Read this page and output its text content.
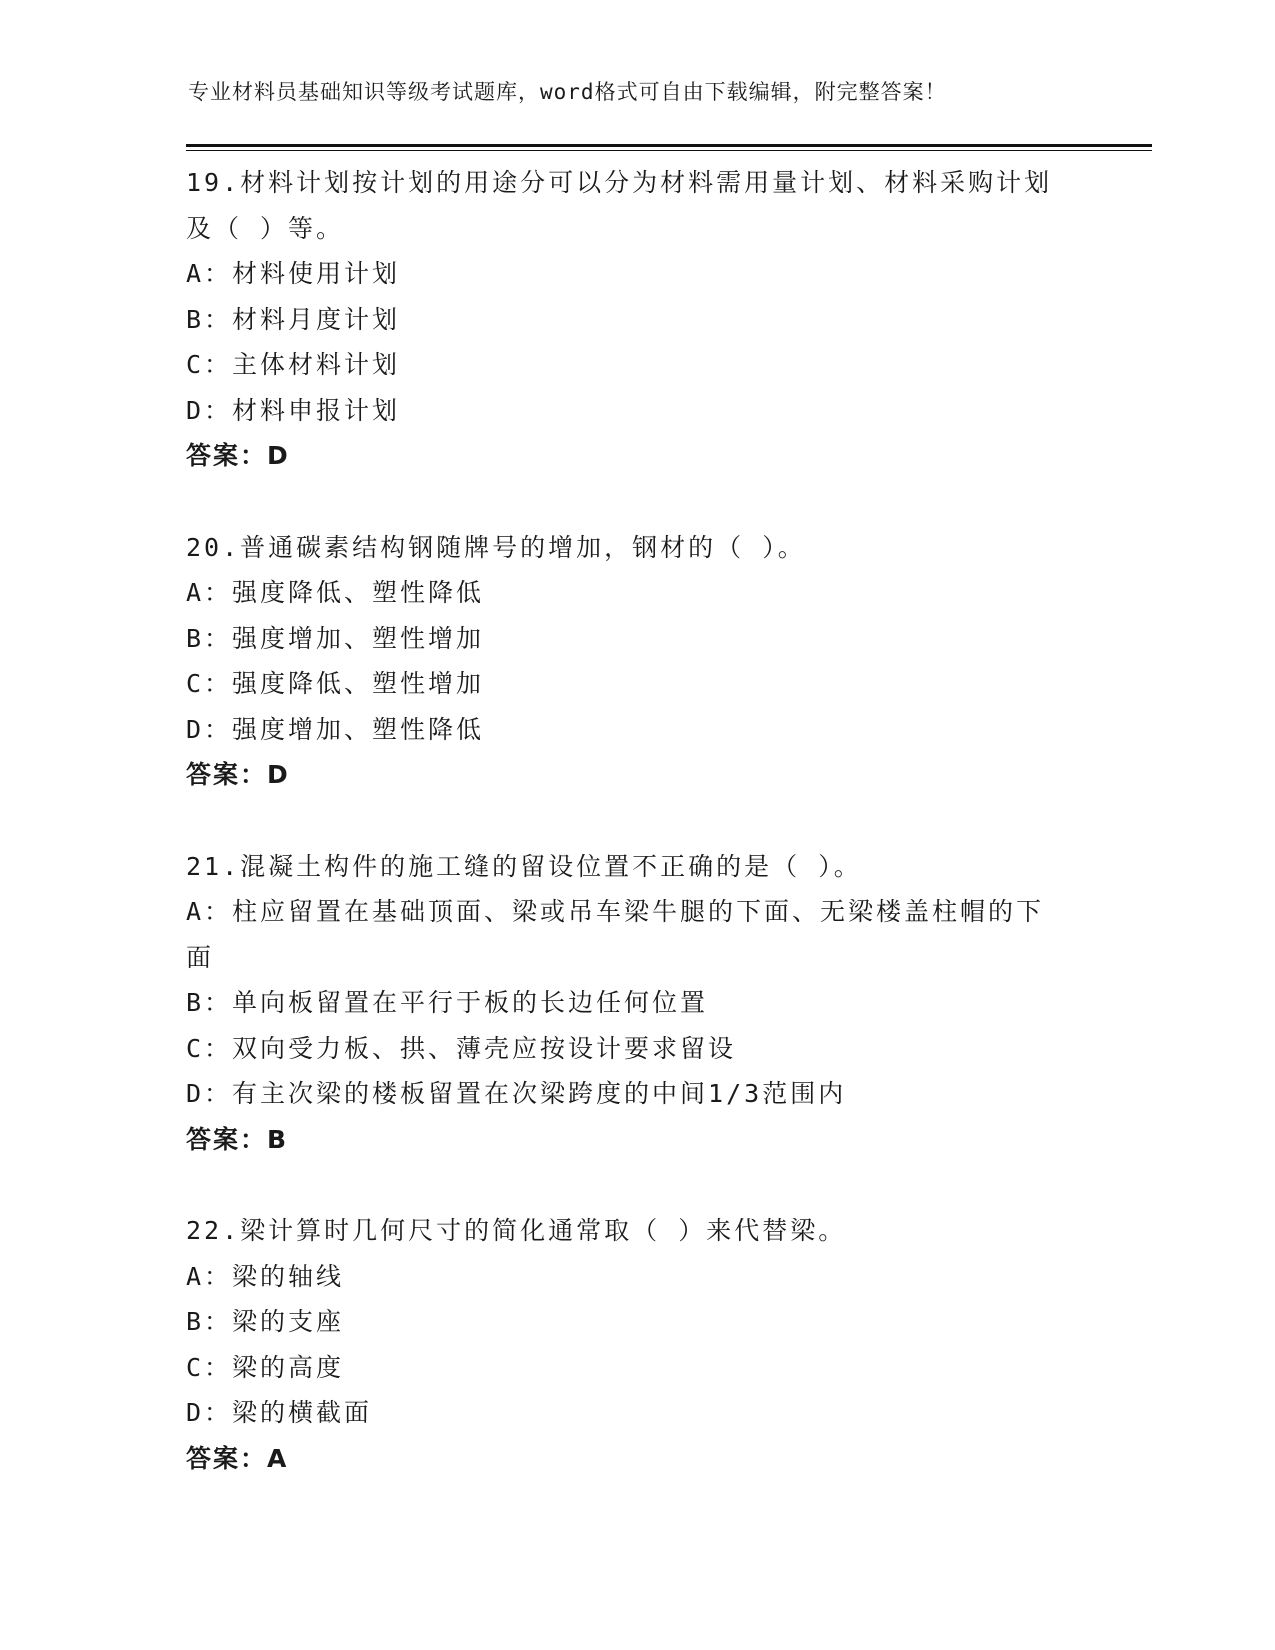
专业材料员基础知识等级考试题库，word格式可自由下载编辑，附完整答案！
19.材料计划按计划的用途分可以分为材料需用量计划、材料采购计划
及（ ）等。
A：材料使用计划
B：材料月度计划
C：主体材料计划
D：材料申报计划
答案：D
20.普通碳素结构钢随牌号的增加，钢材的（ ）。
A：强度降低、塑性降低
B：强度增加、塑性增加
C：强度降低、塑性增加
D：强度增加、塑性降低
答案：D
21.混凝土构件的施工缝的留设位置不正确的是（ ）。
A：柱应留置在基础顶面、梁或吊车梁牛腿的下面、无梁楼盖柱帽的下
面
B：单向板留置在平行于板的长边任何位置
C：双向受力板、拱、薄壳应按设计要求留设
D：有主次梁的楼板留置在次梁跨度的中间1/3范围内
答案：B
22.梁计算时几何尺寸的简化通常取（ ）来代替梁。
A：梁的轴线
B：梁的支座
C：梁的高度
D：梁的横截面
答案：A
